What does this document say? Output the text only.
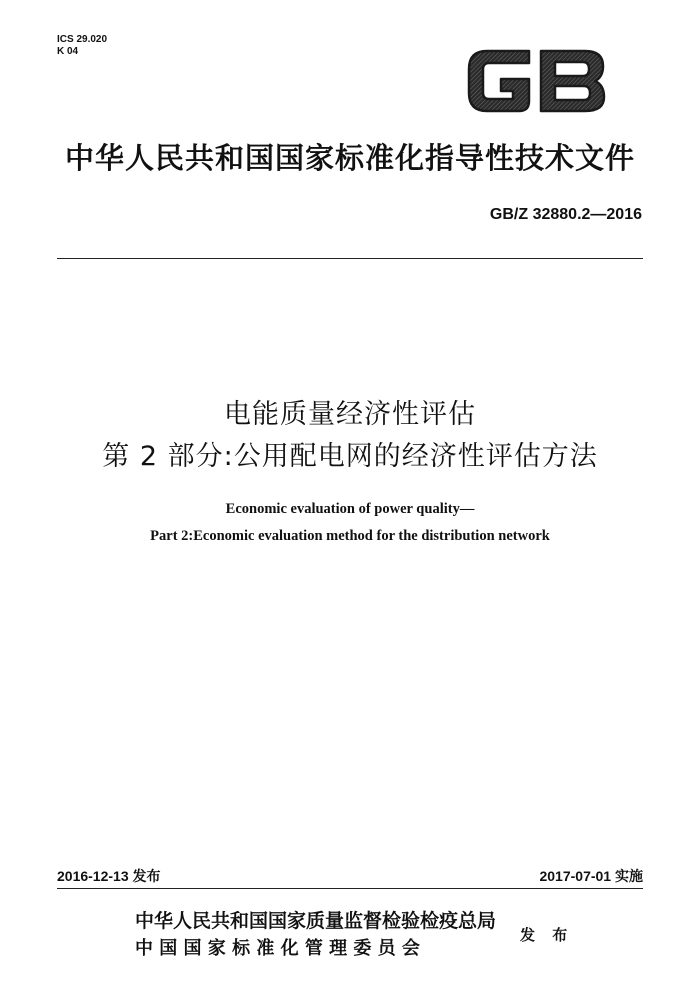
ICS 29.020
K 04
中华人民共和国国家标准化指导性技术文件
GB/Z 32880.2—2016
电能质量经济性评估
第 2 部分:公用配电网的经济性评估方法
Economic evaluation of power quality—
Part 2:Economic evaluation method for the distribution network
2016-12-13 发布	2017-07-01 实施
中华人民共和国国家质量监督检验检疫总局
中 国 国 家 标 准 化 管 理 委 员 会
发 布
